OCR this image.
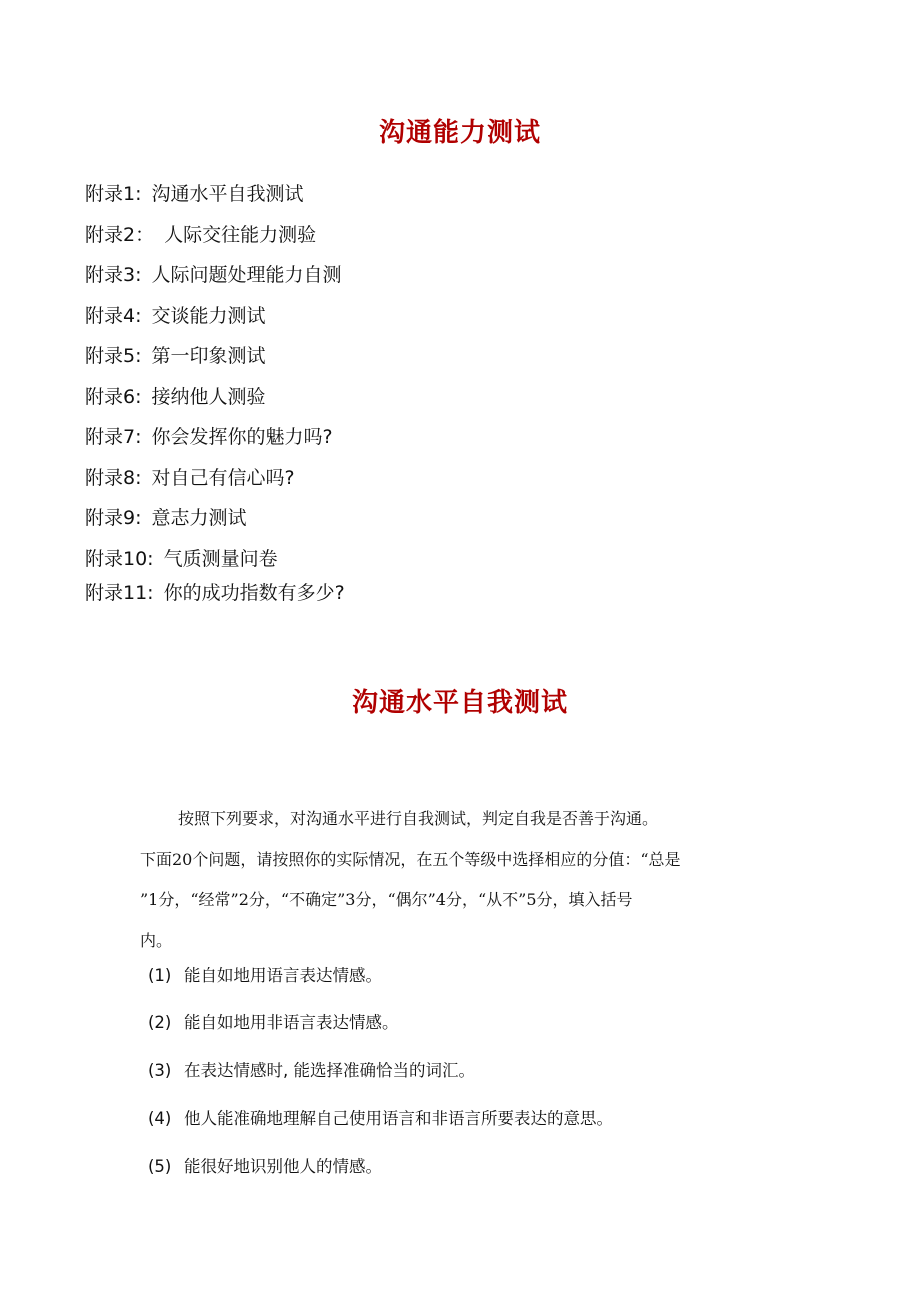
沟通能力测试
附录1: 沟通水平自我测试
附录2： 人际交往能力测验
附录3: 人际问题处理能力自测
附录4: 交谈能力测试
附录5: 第一印象测试
附录6: 接纳他人测验
附录7: 你会发挥你的魅力吗?
附录8: 对自己有信心吗?
附录9: 意志力测试
附录10: 气质测量问卷
附录11: 你的成功指数有多少?
沟通水平自我测试

按照下列要求，对沟通水平进行自我测试，判定自我是否善于沟通。

下面20个问题，请按照你的实际情况，在五个等级中选择相应的分值：“总是

”1分，“经常”2分，“不确定”3分，“偶尔”4分，“从不”5分，填入括号

内。

(1) 能自如地用语言表达情感。
(2) 能自如地用非语言表达情感。
(3) 在表达情感时, 能选择准确恰当的词汇。
(4) 他人能准确地理解自己使用语言和非语言所要表达的意思。
(5) 能很好地识别他人的情感。
